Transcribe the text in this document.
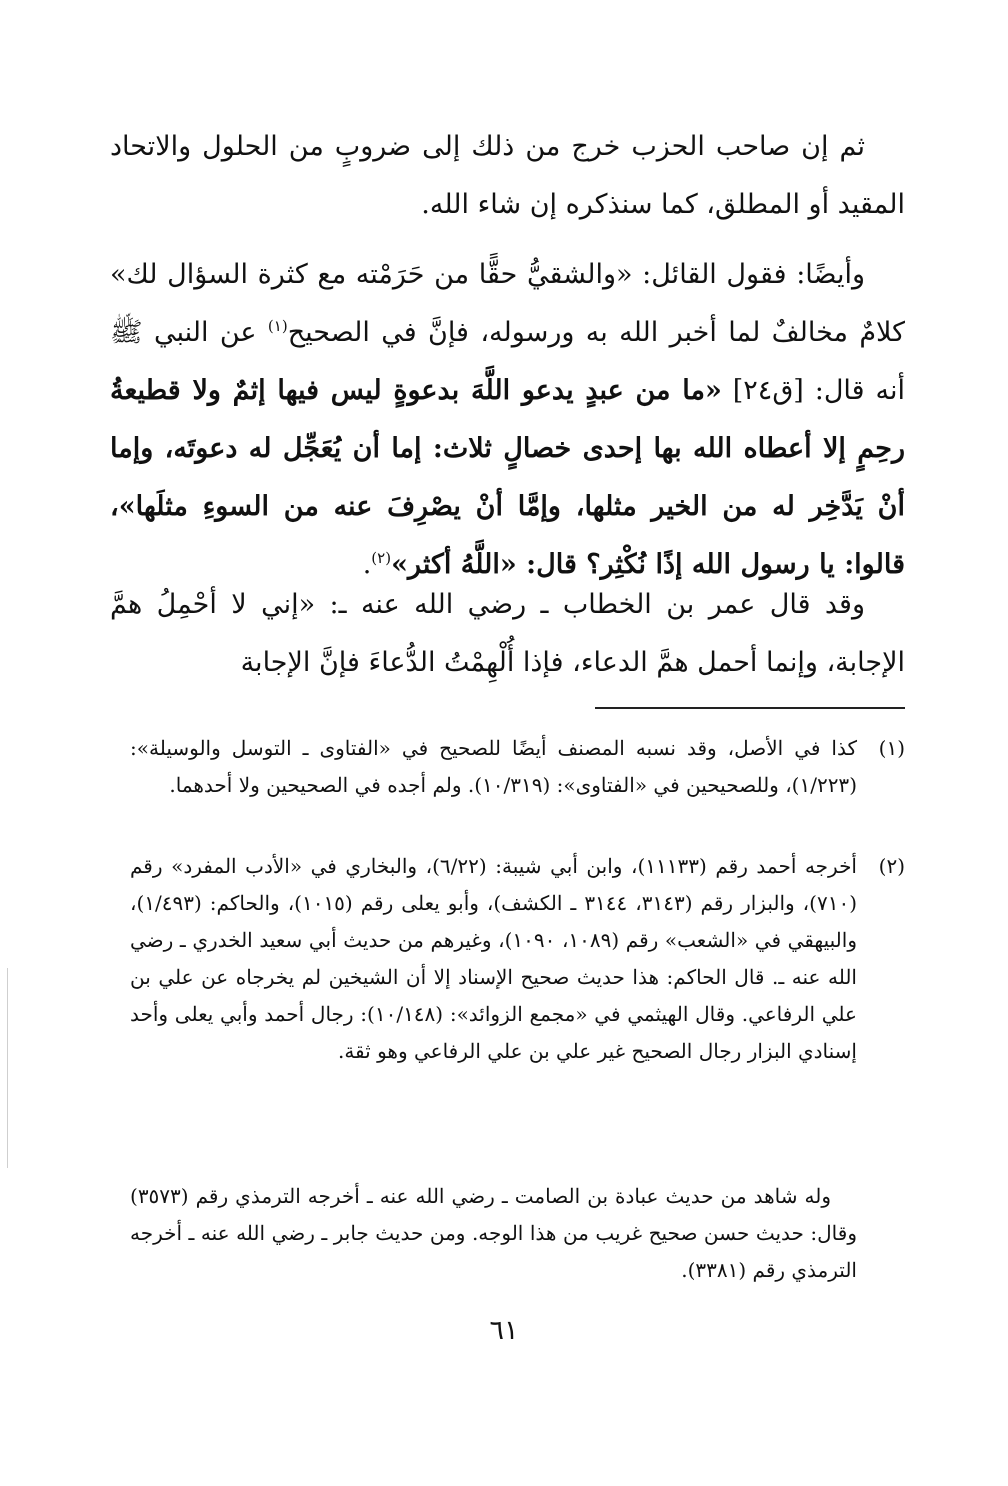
ثم إن صاحب الحزب خرج من ذلك إلى ضروبٍ من الحلول والاتحاد المقيد أو المطلق، كما سنذكره إن شاء الله.

وأيضًا: فقول القائل: «والشقيُّ حقًّا من حَرَمْته مع كثرة السؤال لك» كلامٌ مخالفٌ لما أخبر الله به ورسوله، فإنَّ في الصحيح$^{(١)}$ عن النبي ﷺ أنه قال: [ق٢٤] «ما من عبدٍ يدعو اللَّهَ بدعوةٍ ليس فيها إثمٌ ولا قطيعةُ رحِمٍ إلا أعطاه الله بها إحدى خصالٍ ثلاث: إما أن يُعَجِّل له دعوتَه، وإما أنْ يَدَّخِر له من الخير مثلها، وإمَّا أنْ يصْرِفَ عنه من السوءِ مثلَها»، قالوا: يا رسول الله إذًا نُكْثِر؟ قال: «اللَّهُ أكثر»$^{(٢)}$.

وقد قال عمر بن الخطاب ـ رضي الله عنه ـ: «إني لا أحْمِلُ همَّ الإجابة، وإنما أحمل همَّ الدعاء، فإذا أُلْهِمْتُ الدُّعاءَ فإنَّ الإجابة

(١)
كذا في الأصل، وقد نسبه المصنف أيضًا للصحيح في «الفتاوى ـ التوسل والوسيلة»: (١/٢٢٣)، وللصحيحين في «الفتاوى»: (١٠/٣١٩). ولم أجده في الصحيحين ولا أحدهما.
(٢)
أخرجه أحمد رقم (١١١٣٣)، وابن أبي شيبة: (٦/٢٢)، والبخاري في «الأدب المفرد» رقم (٧١٠)، والبزار رقم (٣١٤٣، ٣١٤٤ ـ الكشف)، وأبو يعلى رقم (١٠١٥)، والحاكم: (١/٤٩٣)، والبيهقي في «الشعب» رقم (١٠٨٩، ١٠٩٠)، وغيرهم من حديث أبي سعيد الخدري ـ رضي الله عنه ـ. قال الحاكم: هذا حديث صحيح الإسناد إلا أن الشيخين لم يخرجاه عن علي بن علي الرفاعي. وقال الهيثمي في «مجمع الزوائد»: (١٠/١٤٨): رجال أحمد وأبي يعلى وأحد إسنادي البزار رجال الصحيح غير علي بن علي الرفاعي وهو ثقة.
وله شاهد من حديث عبادة بن الصامت ـ رضي الله عنه ـ أخرجه الترمذي رقم (٣٥٧٣) وقال: حديث حسن صحيح غريب من هذا الوجه. ومن حديث جابر ـ رضي الله عنه ـ أخرجه الترمذي رقم (٣٣٨١).
٦١
